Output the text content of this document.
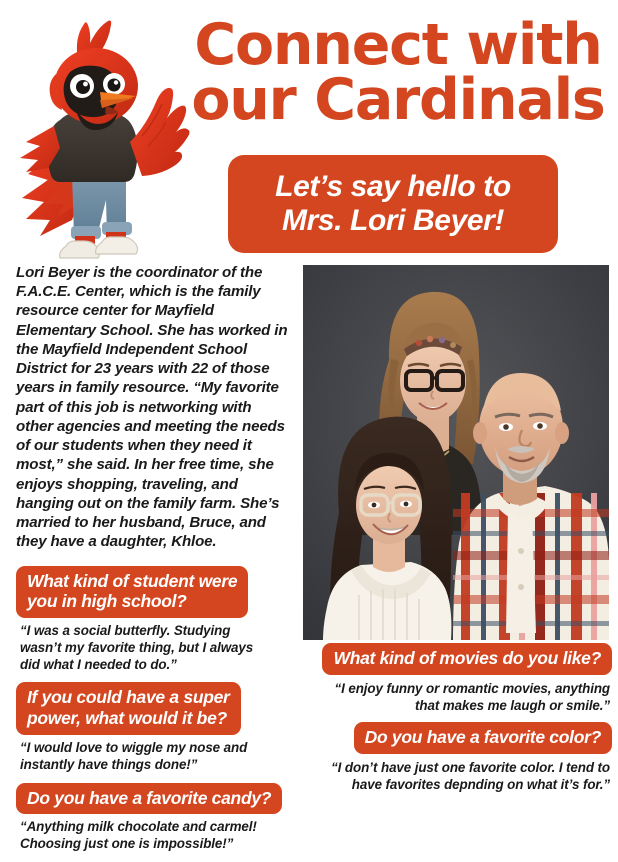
Connect with
our Cardinals
Let’s say hello to
Mrs. Lori Beyer!

Lori Beyer is the coordinator of the F.A.C.E. Center, which is the family resource center for Mayfield Elementary School. She has worked in the Mayfield Independent School District for 23 years with 22 of those years in family resource. “My favorite part of this job is networking with other agencies and meeting the needs of our students when they need it most,” she said. In her free time, she enjoys shopping, traveling, and hanging out on the family farm. She’s married to her husband, Bruce, and they have a daughter, Khloe.

What kind of student were
you in high school?
“I was a social butterfly. Studying
wasn’t my favorite thing, but I always
did what I needed to do.”
If you could have a super
power, what would it be?
“I would love to wiggle my nose and
instantly have things done!”
Do you have a favorite candy?
“Anything milk chocolate and carmel!
Choosing just one is impossible!”
What kind of movies do you like?
“I enjoy funny or romantic movies, anything
that makes me laugh or smile.”
Do you have a favorite color?
“I don’t have just one favorite color. I tend to
have favorites depnding on what it’s for.”
